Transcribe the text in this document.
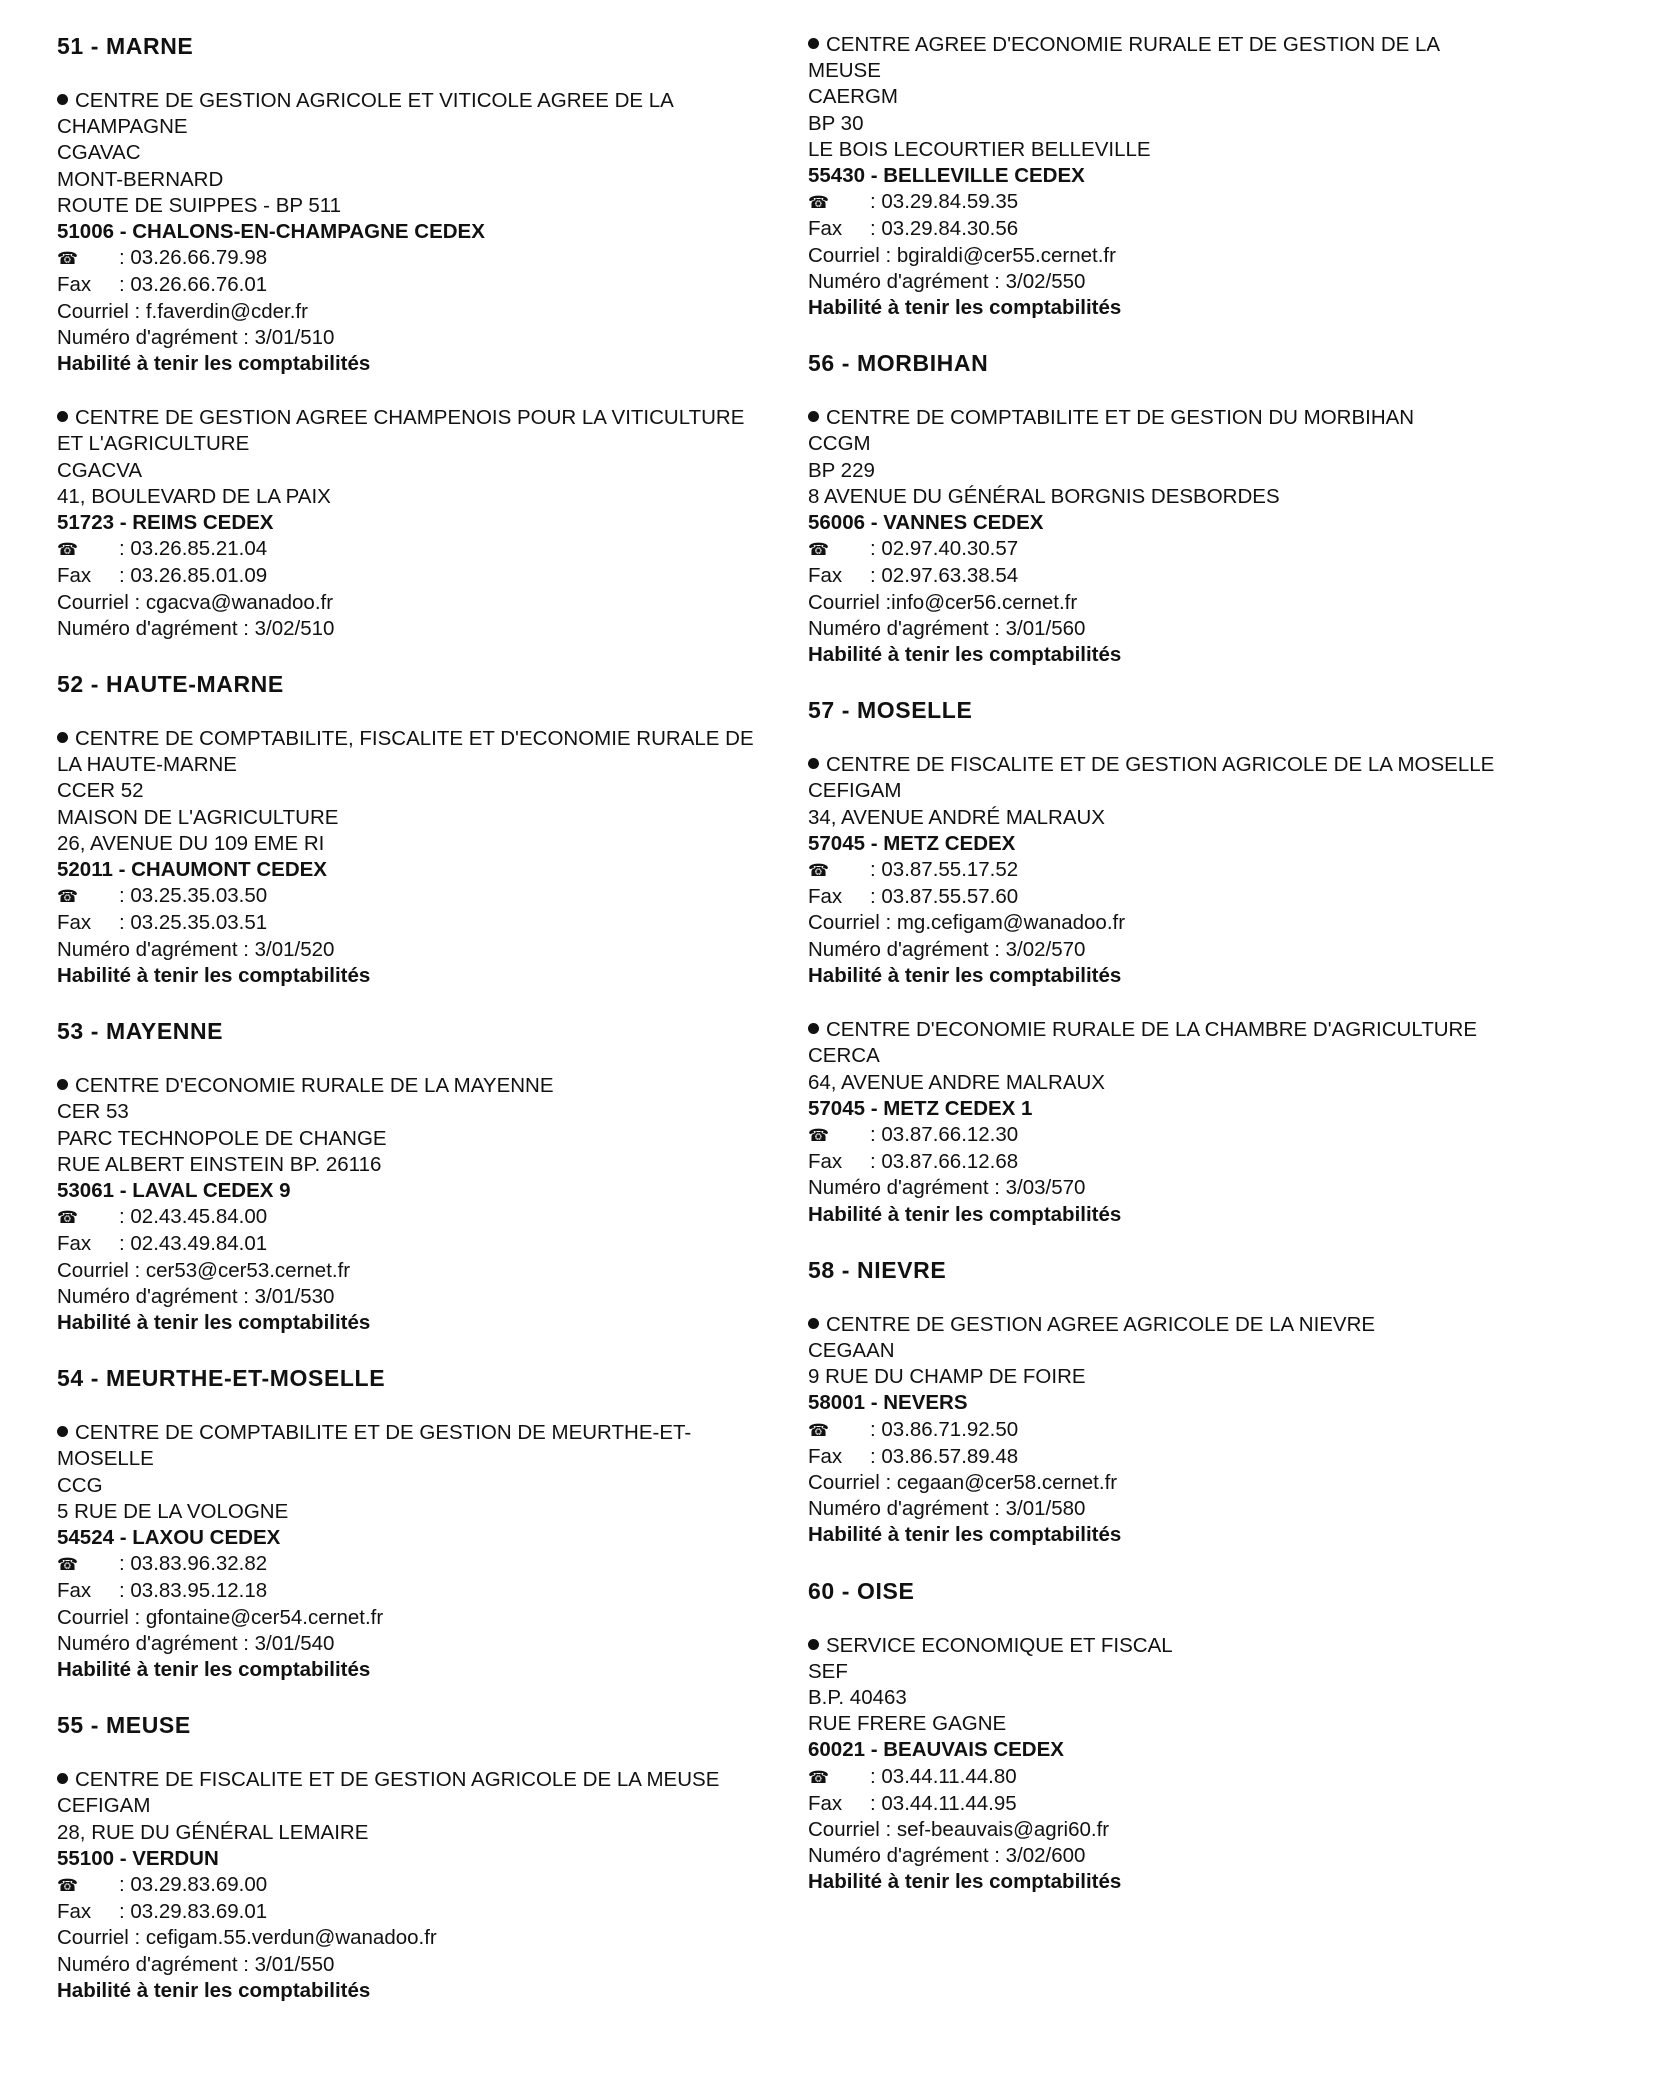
51 - MARNE
CENTRE DE GESTION AGRICOLE ET VITICOLE AGREE DE LA CHAMPAGNE
CGAVAC
MONT-BERNARD
ROUTE DE SUIPPES - BP 511
51006 - CHALONS-EN-CHAMPAGNE CEDEX
☎ : 03.26.66.79.98
Fax : 03.26.66.76.01
Courriel : f.faverdin@cder.fr
Numéro d'agrément : 3/01/510
Habilité à tenir les comptabilités
CENTRE DE GESTION AGREE CHAMPENOIS POUR LA VITICULTURE ET L'AGRICULTURE
CGACVA
41, BOULEVARD DE LA PAIX
51723 - REIMS CEDEX
☎ : 03.26.85.21.04
Fax : 03.26.85.01.09
Courriel : cgacva@wanadoo.fr
Numéro d'agrément : 3/02/510
52 - HAUTE-MARNE
CENTRE DE COMPTABILITE, FISCALITE ET D'ECONOMIE RURALE DE LA HAUTE-MARNE
CCER 52
MAISON DE L'AGRICULTURE
26, AVENUE DU 109 EME RI
52011 - CHAUMONT CEDEX
☎ : 03.25.35.03.50
Fax : 03.25.35.03.51
Numéro d'agrément : 3/01/520
Habilité à tenir les comptabilités
53 - MAYENNE
CENTRE D'ECONOMIE RURALE DE LA MAYENNE
CER 53
PARC TECHNOPOLE DE CHANGE
RUE ALBERT EINSTEIN BP. 26116
53061 - LAVAL CEDEX 9
☎ : 02.43.45.84.00
Fax : 02.43.49.84.01
Courriel : cer53@cer53.cernet.fr
Numéro d'agrément : 3/01/530
Habilité à tenir les comptabilités
54 - MEURTHE-ET-MOSELLE
CENTRE DE COMPTABILITE ET DE GESTION DE MEURTHE-ET-MOSELLE
CCG
5 RUE DE LA VOLOGNE
54524 - LAXOU CEDEX
☎ : 03.83.96.32.82
Fax : 03.83.95.12.18
Courriel : gfontaine@cer54.cernet.fr
Numéro d'agrément : 3/01/540
Habilité à tenir les comptabilités
55 - MEUSE
CENTRE DE FISCALITE ET DE GESTION AGRICOLE DE LA MEUSE
CEFIGAM
28, RUE DU GÉNÉRAL LEMAIRE
55100 - VERDUN
☎ : 03.29.83.69.00
Fax : 03.29.83.69.01
Courriel : cefigam.55.verdun@wanadoo.fr
Numéro d'agrément : 3/01/550
Habilité à tenir les comptabilités
CENTRE AGREE D'ECONOMIE RURALE ET DE GESTION DE LA MEUSE
CAERGM
BP 30
LE BOIS LECOURTIER BELLEVILLE
55430 - BELLEVILLE CEDEX
☎ : 03.29.84.59.35
Fax : 03.29.84.30.56
Courriel : bgiraldi@cer55.cernet.fr
Numéro d'agrément : 3/02/550
Habilité à tenir les comptabilités
56 - MORBIHAN
CENTRE DE COMPTABILITE ET DE GESTION DU MORBIHAN
CCGM
BP 229
8 AVENUE DU GÉNÉRAL BORGNIS DESBORDES
56006 - VANNES CEDEX
☎ : 02.97.40.30.57
Fax : 02.97.63.38.54
Courriel :info@cer56.cernet.fr
Numéro d'agrément : 3/01/560
Habilité à tenir les comptabilités
57 - MOSELLE
CENTRE DE FISCALITE ET DE GESTION AGRICOLE DE LA MOSELLE
CEFIGAM
34, AVENUE ANDRÉ MALRAUX
57045 - METZ CEDEX
☎ : 03.87.55.17.52
Fax : 03.87.55.57.60
Courriel : mg.cefigam@wanadoo.fr
Numéro d'agrément : 3/02/570
Habilité à tenir les comptabilités
CENTRE D'ECONOMIE RURALE DE LA CHAMBRE D'AGRICULTURE
CERCA
64, AVENUE ANDRE MALRAUX
57045 - METZ CEDEX 1
☎ : 03.87.66.12.30
Fax : 03.87.66.12.68
Numéro d'agrément : 3/03/570
Habilité à tenir les comptabilités
58 - NIEVRE
CENTRE DE GESTION AGREE AGRICOLE DE LA NIEVRE
CEGAAN
9 RUE DU CHAMP DE FOIRE
58001 - NEVERS
☎ : 03.86.71.92.50
Fax : 03.86.57.89.48
Courriel : cegaan@cer58.cernet.fr
Numéro d'agrément : 3/01/580
Habilité à tenir les comptabilités
60 - OISE
SERVICE ECONOMIQUE ET FISCAL
SEF
B.P. 40463
RUE FRERE GAGNE
60021 - BEAUVAIS CEDEX
☎ : 03.44.11.44.80
Fax : 03.44.11.44.95
Courriel : sef-beauvais@agri60.fr
Numéro d'agrément : 3/02/600
Habilité à tenir les comptabilités
